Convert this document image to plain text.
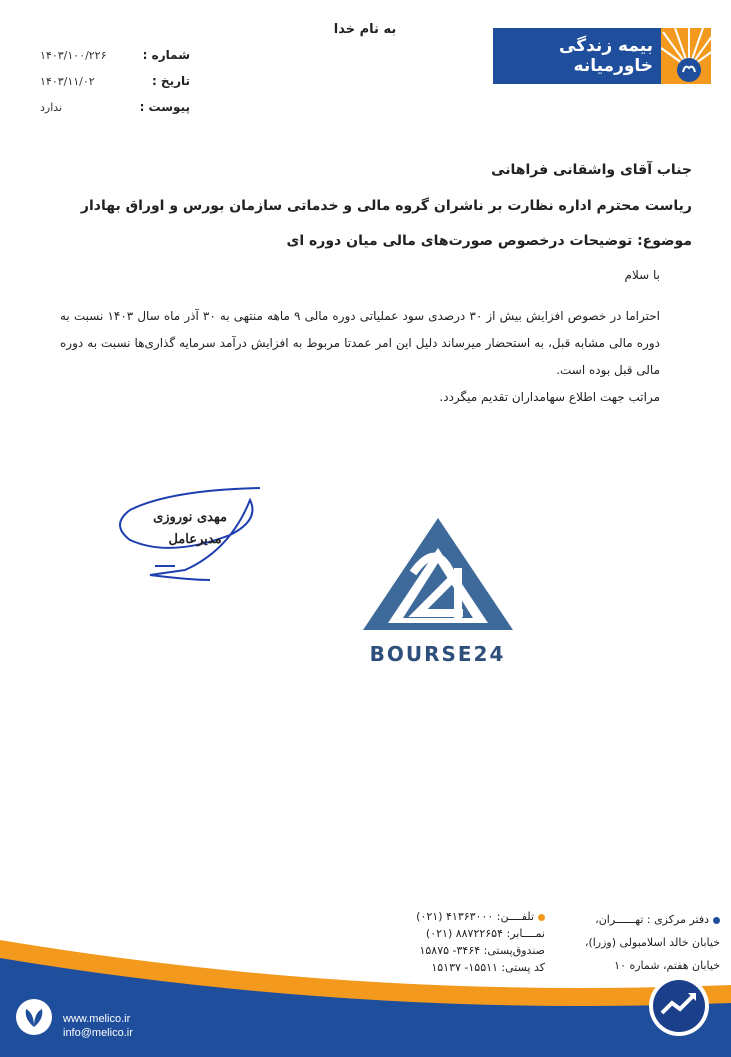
به نام خدا
بیمه زندگی خاورمیانه
شماره :
۱۴۰۳/۱۰۰/۲۲۶
تاریخ :
۱۴۰۳/۱۱/۰۲
پیوست :
ندارد
جناب آقای واشقانی فراهانی
ریاست محترم اداره نظارت بر ناشران گروه مالی و خدماتی سازمان بورس و اوراق بهادار
موضوع: توضیحات درخصوص صورت‌های مالی میان دوره ای
با سلام
احتراما در خصوص افزایش بیش از ۳۰ درصدی سود عملیاتی دوره مالی ۹ ماهه منتهی به ۳۰ آذر ماه سال ۱۴۰۳ نسبت به دوره مالی مشابه قبل، به استحضار میرساند دلیل این امر عمدتا مربوط به افزایش درآمد سرمایه گذاری‌ها نسبت به دوره مالی قبل بوده است.
مراتب جهت اطلاع سهامداران تقدیم میگردد.
مهدی نوروزی
مدیرعامل
BOURSE24
دفتر مرکزی : تهــــــران،
خیابان خالد اسلامبولی (وزرا)،
خیابان هفتم، شماره ۱۰
تلفــــن: ۴۱۳۶۳۰۰۰ (۰۲۱)
نمــــابر: ۸۸۷۲۲۶۵۴ (۰۲۱)
صندوق‌پستی: ۳۴۶۴- ۱۵۸۷۵
کد پستی: ۱۵۵۱۱- ۱۵۱۳۷
www.melico.ir
info@melico.ir
